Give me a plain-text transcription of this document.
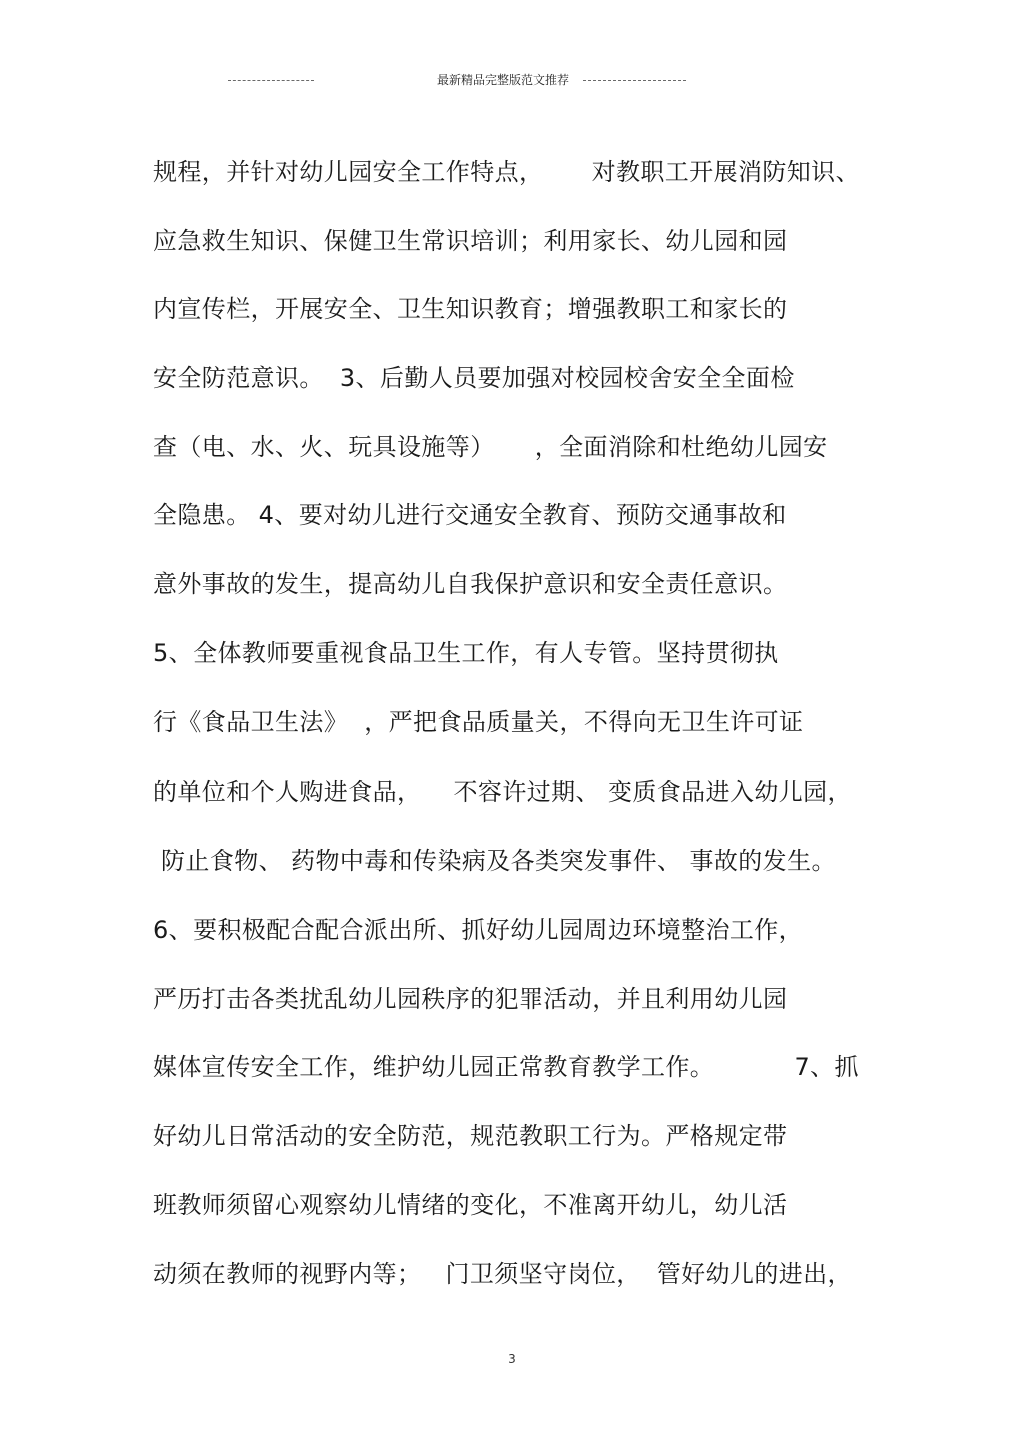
最新精品完整版范文推荐
规程，并针对幼儿园安全工作特点，      对教职工开展消防知识、
应急救生知识、保健卫生常识培训；利用家长、幼儿园和园
内宣传栏，开展安全、卫生知识教育；增强教职工和家长的
安全防范意识。  3、后勤人员要加强对校园校舍安全全面检
查（电、水、火、玩具设施等）     ，全面消除和杜绝幼儿园安
全隐患。 4、要对幼儿进行交通安全教育、预防交通事故和
意外事故的发生，提高幼儿自我保护意识和安全责任意识。
5、全体教师要重视食品卫生工作，有人专管。坚持贯彻执
行《食品卫生法》  ，严把食品质量关，不得向无卫生许可证
的单位和个人购进食品，    不容许过期、 变质食品进入幼儿园，
防止食物、 药物中毒和传染病及各类突发事件、 事故的发生。
6、要积极配合配合派出所、抓好幼儿园周边环境整治工作，
严历打击各类扰乱幼儿园秩序的犯罪活动，并且利用幼儿园
媒体宣传安全工作，维护幼儿园正常教育教学工作。          7、抓
好幼儿日常活动的安全防范，规范教职工行为。严格规定带
班教师须留心观察幼儿情绪的变化，不准离开幼儿，幼儿活
动须在教师的视野内等；   门卫须坚守岗位，  管好幼儿的进出，
3
